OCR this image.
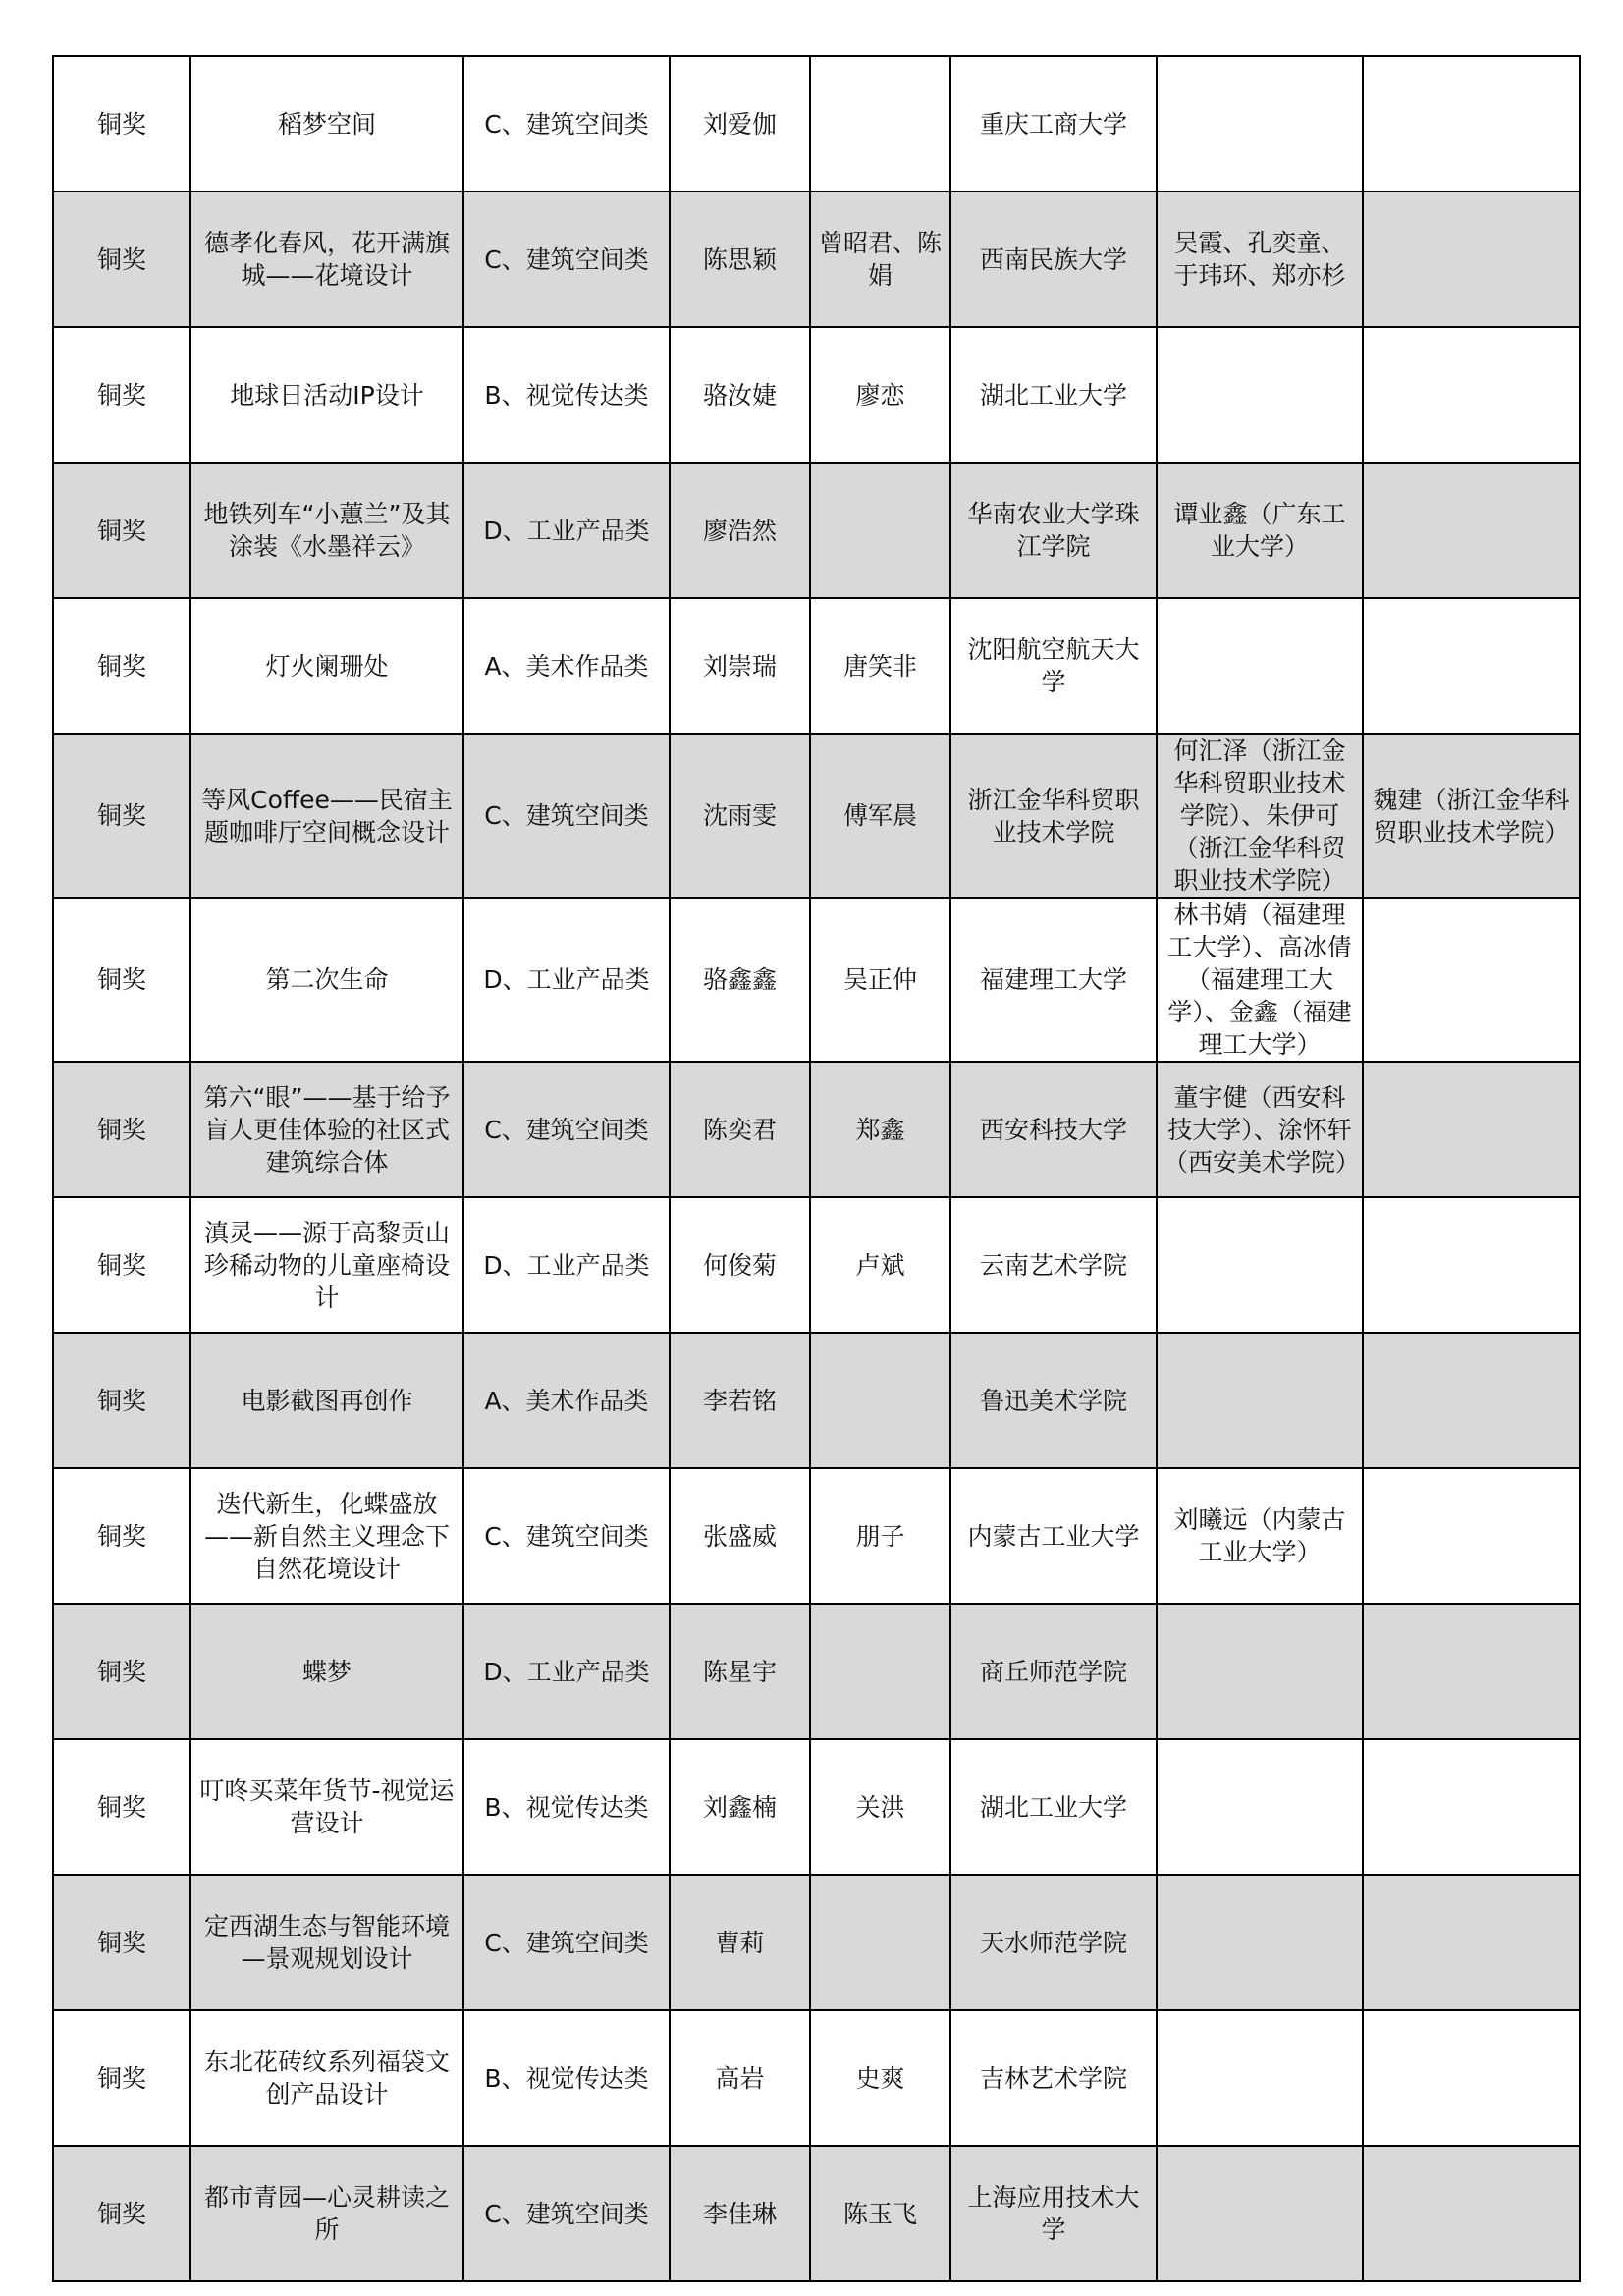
铜奖	稻梦空间	C、建筑空间类	刘爱伽		重庆工商大学		
铜奖	德孝化春风，花开满旗城——花境设计	C、建筑空间类	陈思颖	曾昭君、陈娟	西南民族大学	吴霞、孔奕童、于玮环、郑亦杉	
铜奖	地球日活动IP设计	B、视觉传达类	骆汝婕	廖恋	湖北工业大学		
铜奖	地铁列车“小蕙兰”及其涂装《水墨祥云》	D、工业产品类	廖浩然		华南农业大学珠江学院	谭业鑫（广东工业大学）	
铜奖	灯火阑珊处	A、美术作品类	刘崇瑞	唐笑非	沈阳航空航天大学		
铜奖	等风Coffee——民宿主题咖啡厅空间概念设计	C、建筑空间类	沈雨雯	傅军晨	浙江金华科贸职业技术学院	何汇泽（浙江金华科贸职业技术学院）、朱伊可（浙江金华科贸职业技术学院）	魏建（浙江金华科贸职业技术学院）
铜奖	第二次生命	D、工业产品类	骆鑫鑫	吴正仲	福建理工大学	林书婧（福建理工大学）、高冰倩（福建理工大学）、金鑫（福建理工大学）	
铜奖	第六“眼”——基于给予盲人更佳体验的社区式建筑综合体	C、建筑空间类	陈奕君	郑鑫	西安科技大学	董宇健（西安科技大学）、涂怀轩（西安美术学院）	
铜奖	滇灵——源于高黎贡山珍稀动物的儿童座椅设计	D、工业产品类	何俊菊	卢斌	云南艺术学院		
铜奖	电影截图再创作	A、美术作品类	李若铭		鲁迅美术学院		
铜奖	迭代新生，化蝶盛放——新自然主义理念下自然花境设计	C、建筑空间类	张盛威	朋子	内蒙古工业大学	刘曦远（内蒙古工业大学）	
铜奖	蝶梦	D、工业产品类	陈星宇		商丘师范学院		
铜奖	叮咚买菜年货节-视觉运营设计	B、视觉传达类	刘鑫楠	关洪	湖北工业大学		
铜奖	定西湖生态与智能环境—景观规划设计	C、建筑空间类	曹莉		天水师范学院		
铜奖	东北花砖纹系列福袋文创产品设计	B、视觉传达类	高岩	史爽	吉林艺术学院		
铜奖	都市青园—心灵耕读之所	C、建筑空间类	李佳琳	陈玉飞	上海应用技术大学		
